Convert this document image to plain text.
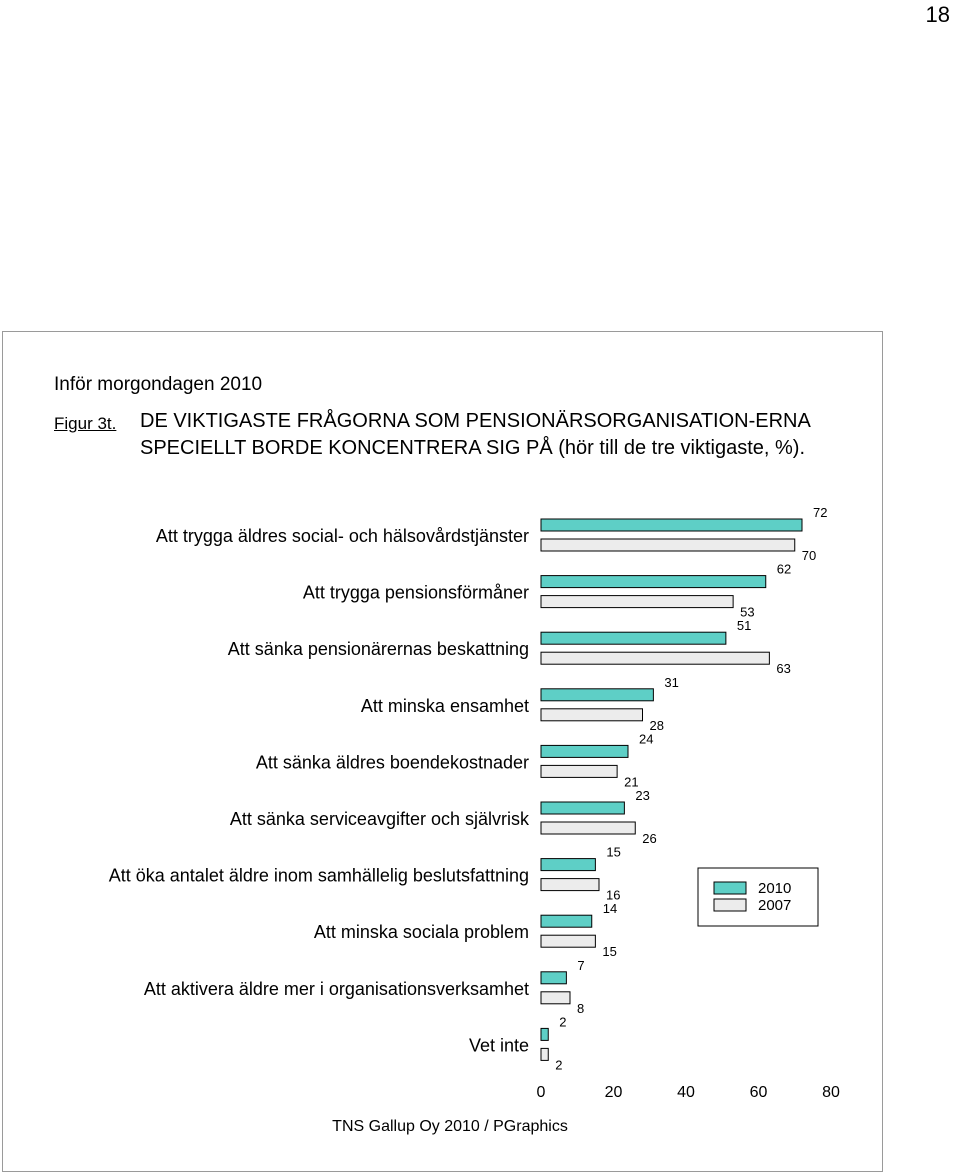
18
Inför morgondagen 2010
Figur 3t. DE VIKTIGASTE FRÅGORNA SOM PENSIONÄRSORGANISATION-ERNA SPECIELLT BORDE KONCENTRERA SIG PÅ (hör till de tre viktigaste, %).
Att trygga äldres social- och hälsovårdstjänster
72
70
Att trygga pensionsförmåner
62
53
Att sänka pensionärernas beskattning
51
63
Att minska ensamhet
31
28
Att sänka äldres boendekostnader
24
21
Att sänka serviceavgifter och självrisk
23
26
Att öka antalet äldre inom samhällelig beslutsfattning
15
16
Att minska sociala problem
14
15
Att aktivera äldre mer i organisationsverksamhet
7
8
Vet inte
2
2
0	20	40	60	80
2010
2007
TNS Gallup Oy 2010 / PGraphics
